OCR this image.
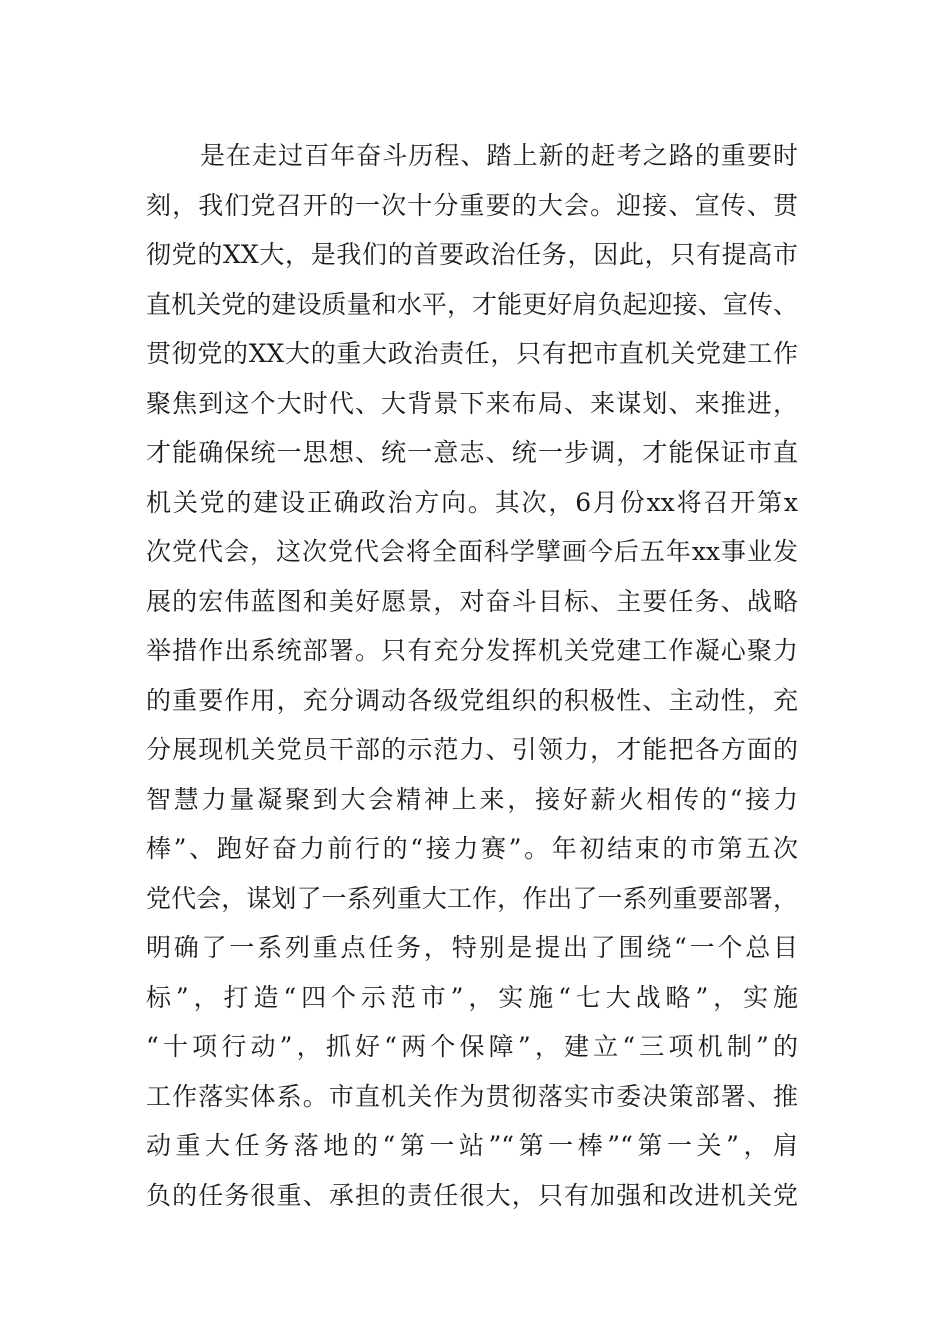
是在走过百年奋斗历程、踏上新的赶考之路的重要时
刻，我们党召开的一次十分重要的大会。迎接、宣传、贯
彻党的XX大，是我们的首要政治任务，因此，只有提高市
直机关党的建设质量和水平，才能更好肩负起迎接、宣传、
贯彻党的XX大的重大政治责任，只有把市直机关党建工作
聚焦到这个大时代、大背景下来布局、来谋划、来推进，
才能确保统一思想、统一意志、统一步调，才能保证市直
机关党的建设正确政治方向。其次，6月份xx将召开第x
次党代会，这次党代会将全面科学擘画今后五年xx事业发
展的宏伟蓝图和美好愿景，对奋斗目标、主要任务、战略
举措作出系统部署。只有充分发挥机关党建工作凝心聚力
的重要作用，充分调动各级党组织的积极性、主动性，充
分展现机关党员干部的示范力、引领力，才能把各方面的
智慧力量凝聚到大会精神上来，接好薪火相传的“接力
棒”、跑好奋力前行的“接力赛”。年初结束的市第五次
党代会，谋划了一系列重大工作，作出了一系列重要部署，
明确了一系列重点任务，特别是提出了围绕“一个总目
标”，打造“四个示范市”，实施“七大战略”，实施
“十项行动”，抓好“两个保障”，建立“三项机制”的
工作落实体系。市直机关作为贯彻落实市委决策部署、推
动重大任务落地的“第一站”“第一棒”“第一关”，肩
负的任务很重、承担的责任很大，只有加强和改进机关党
